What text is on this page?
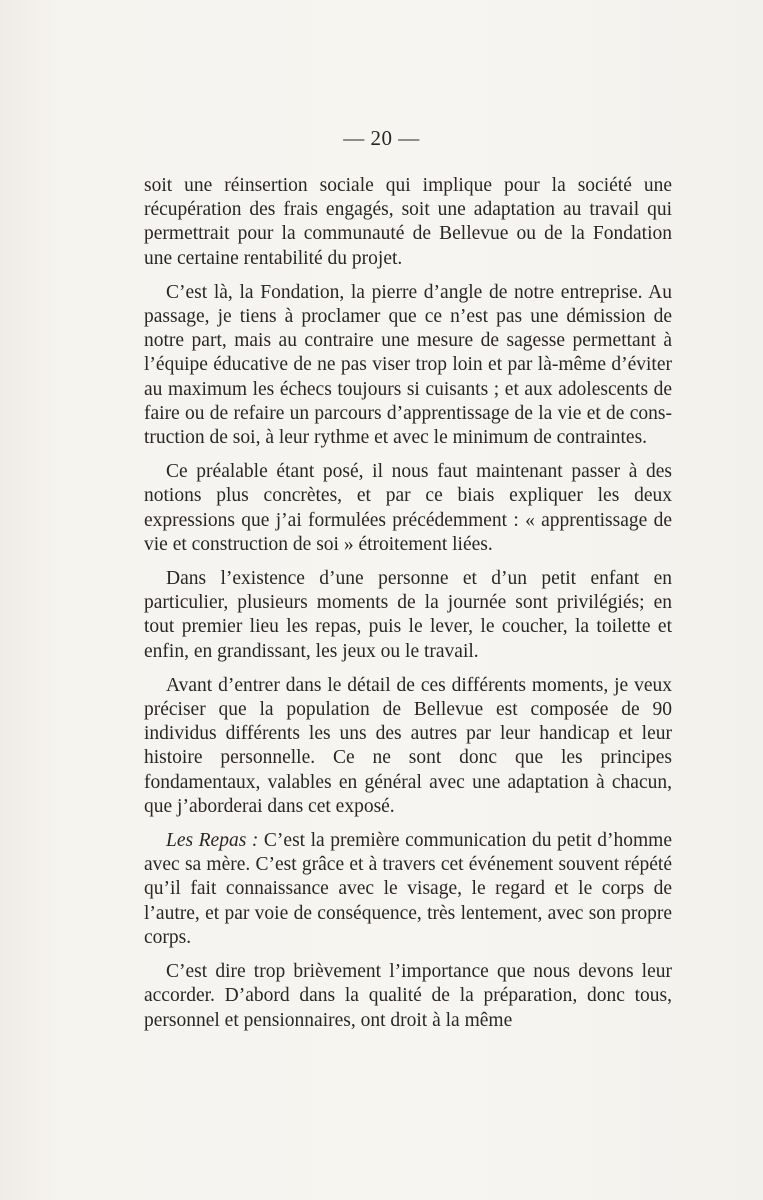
— 20 —

soit une réinsertion sociale qui implique pour la société une récupération des frais engagés, soit une adaptation au travail qui permettrait pour la communauté de Bellevue ou de la Fondation une certaine rentabilité du projet.

C’est là, la Fondation, la pierre d’angle de notre entreprise. Au passage, je tiens à proclamer que ce n’est pas une démission de notre part, mais au contraire une mesure de sagesse permettant à l’équipe éducative de ne pas viser trop loin et par là-même d’éviter au maximum les échecs toujours si cuisants ; et aux adolescents de faire ou de refaire un parcours d’apprentissage de la vie et de construction de soi, à leur rythme et avec le minimum de contraintes.

Ce préalable étant posé, il nous faut maintenant passer à des notions plus concrètes, et par ce biais expliquer les deux expressions que j’ai formulées précédemment : « apprentissage de vie et construction de soi » étroitement liées.

Dans l’existence d’une personne et d’un petit enfant en particulier, plusieurs moments de la journée sont privilégiés; en tout premier lieu les repas, puis le lever, le coucher, la toilette et enfin, en grandissant, les jeux ou le travail.

Avant d’entrer dans le détail de ces différents moments, je veux préciser que la population de Bellevue est composée de 90 individus différents les uns des autres par leur handicap et leur histoire personnelle. Ce ne sont donc que les principes fondamentaux, valables en général avec une adaptation à chacun, que j’aborderai dans cet exposé.

Les Repas : C’est la première communication du petit d’homme avec sa mère. C’est grâce et à travers cet événement souvent répété qu’il fait connaissance avec le visage, le regard et le corps de l’autre, et par voie de conséquence, très lentement, avec son propre corps.

C’est dire trop brièvement l’importance que nous devons leur accorder. D’abord dans la qualité de la préparation, donc tous, personnel et pensionnaires, ont droit à la même
